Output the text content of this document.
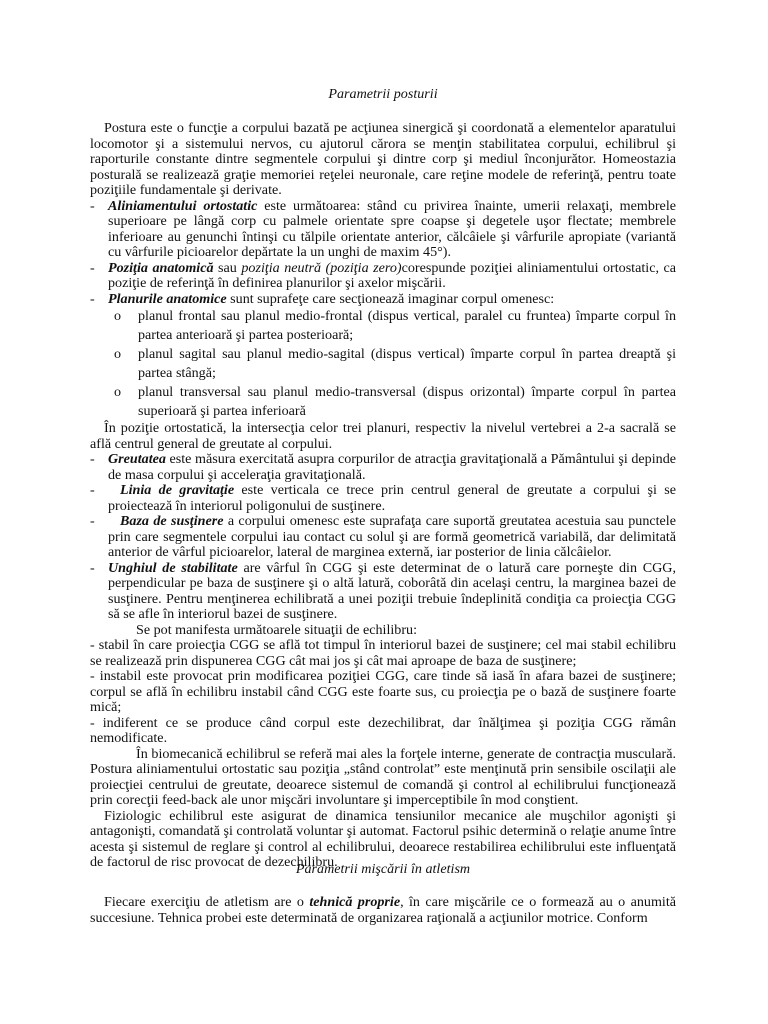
Parametrii posturii

Postura este o funcţie a corpului bazată pe acţiunea sinergică şi coordonată a elementelor aparatului locomotor şi a sistemului nervos, cu ajutorul cărora se menţin stabilitatea corpului, echilibrul şi raporturile constante dintre segmentele corpului şi dintre corp şi mediul înconjurător. Homeostazia posturală se realizează graţie memoriei reţelei neuronale, care reţine modele de referinţă, pentru toate poziţiile fundamentale şi derivate.

- Aliniamentului ortostatic este următoarea: stând cu privirea înainte, umerii relaxaţi, membrele superioare pe lângă corp cu palmele orientate spre coapse şi degetele uşor flectate; membrele inferioare au genunchi întinşi cu tălpile orientate anterior, călcâiele şi vârfurile apropiate (variantă cu vârfurile picioarelor depărtate la un unghi de maxim 45°).
- Poziţia anatomică sau poziţia neutră (poziţia zero)corespunde poziţiei aliniamentului ortostatic, ca poziţie de referinţă în definirea planurilor şi axelor mişcării.
- Planurile anatomice sunt suprafeţe care secţionează imaginar corpul omenesc:
o planul frontal sau planul medio-frontal (dispus vertical, paralel cu fruntea) împarte corpul în partea anterioară şi partea posterioară;
o planul sagital sau planul medio-sagital (dispus vertical) împarte corpul în partea dreaptă şi partea stângă;
o planul transversal sau planul medio-transversal (dispus orizontal) împarte corpul în partea superioară şi partea inferioară

În poziţie ortostatică, la intersecţia celor trei planuri, respectiv la nivelul vertebrei a 2-a sacrală se află centrul general de greutate al corpului.

- Greutatea este măsura exercitată asupra corpurilor de atracţia gravitaţională a Pământului şi depinde de masa corpului şi acceleraţia gravitaţională.
- Linia de gravitaţie este verticala ce trece prin centrul general de greutate a corpului şi se proiectează în interiorul poligonului de susţinere.
- Baza de susţinere a corpului omenesc este suprafaţa care suportă greutatea acestuia sau punctele prin care segmentele corpului iau contact cu solul şi are formă geometrică variabilă, dar delimitată anterior de vârful picioarelor, lateral de marginea externă, iar posterior de linia călcâielor.
- Unghiul de stabilitate are vârful în CGG şi este determinat de o latură care porneşte din CGG, perpendicular pe baza de susţinere şi o altă latură, coborâtă din acelaşi centru, la marginea bazei de susţinere. Pentru menţinerea echilibrată a unei poziţii trebuie îndeplinită condiţia ca proiecţia CGG să se afle în interiorul bazei de susţinere.

Se pot manifesta următoarele situaţii de echilibru:

- stabil în care proiecţia CGG se află tot timpul în interiorul bazei de susţinere; cel mai stabil echilibru se realizează prin dispunerea CGG cât mai jos şi cât mai aproape de baza de susţinere;

- instabil este provocat prin modificarea poziţiei CGG, care tinde să iasă în afara bazei de susţinere; corpul se află în echilibru instabil când CGG este foarte sus, cu proiecţia pe o bază de susţinere foarte mică;

- indiferent ce se produce când corpul este dezechilibrat, dar înălţimea şi poziţia CGG rămân nemodificate.

În biomecanică echilibrul se referă mai ales la forţele interne, generate de contracţia musculară. Postura aliniamentului ortostatic sau poziţia „stând controlat” este menţinută prin sensibile oscilaţii ale proiecţiei centrului de greutate, deoarece sistemul de comandă şi control al echilibrului funcţionează prin corecţii feed-back ale unor mişcări involuntare şi imperceptibile în mod conştient.

Fiziologic echilibrul este asigurat de dinamica tensiunilor mecanice ale muşchilor agonişti şi antagonişti, comandată şi controlată voluntar şi automat. Factorul psihic determină o relaţie anume între acesta şi sistemul de reglare şi control al echilibrului, deoarece restabilirea echilibrului este influenţată de factorul de risc provocat de dezechilibru.

Parametrii mişcării în atletism

Fiecare exerciţiu de atletism are o tehnică proprie, în care mişcările ce o formează au o anumită succesiune. Tehnica probei este determinată de organizarea raţională a acţiunilor motrice. Conform
